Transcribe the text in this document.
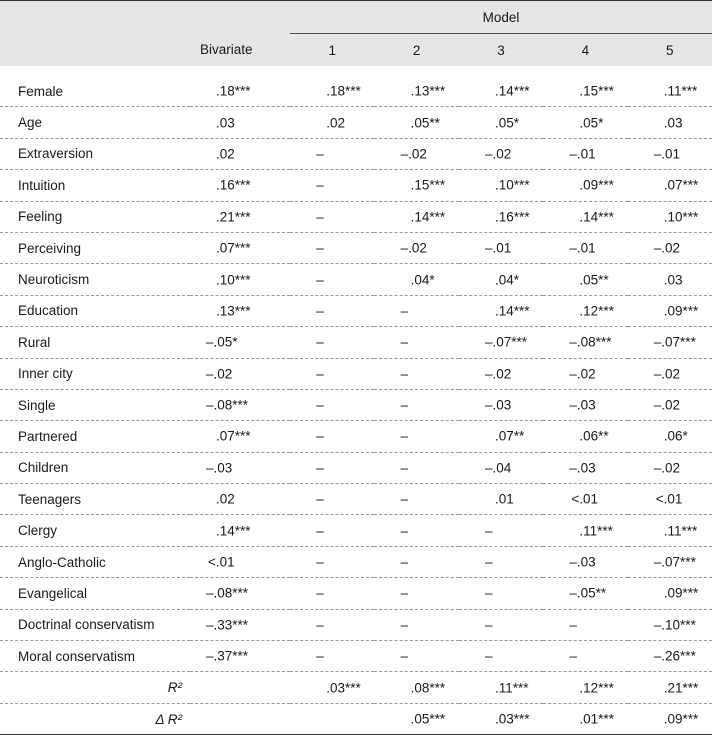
		Model				
	Bivariate	1	2	3	4	5

Female	.18***	.18***	.13***	.14***	.15***	.11***

Age	.03	.02	.05**	.05*	.05*	.03

Extraversion	.02	–	–.02	–.02	–.01	–.01

Intuition	.16***	–	.15***	.10***	.09***	.07***

Feeling	.21***	–	.14***	.16***	.14***	.10***

Perceiving	.07***	–	–.02	–.01	–.01	–.02

Neuroticism	.10***	–	.04*	.04*	.05**	.03

Education	.13***	–	–	.14***	.12***	.09***

Rural	–.05*	–	–	–.07***	–.08***	–.07***

Inner city	–.02	–	–	–.02	–.02	–.02

Single	–.08***	–	–	–.03	–.03	–.02

Partnered	.07***	–	–	.07**	.06**	.06*

Children	–.03	–	–	–.04	–.03	–.02

Teenagers	.02	–	–	.01	<.01	<.01

Clergy	.14***	–	–	–	.11***	.11***

Anglo-Catholic	<.01	–	–	–	–.03	–.07***

Evangelical	–.08***	–	–	–	–.05**	.09***

Doctrinal conservatism	–.33***	–	–	–	–	–.10***

Moral conservatism	–.37***	–	–	–	–	–.26***

R²		.03***	.08***	.11***	.12***	.21***

Δ R²			.05***	.03***	.01***	.09***
